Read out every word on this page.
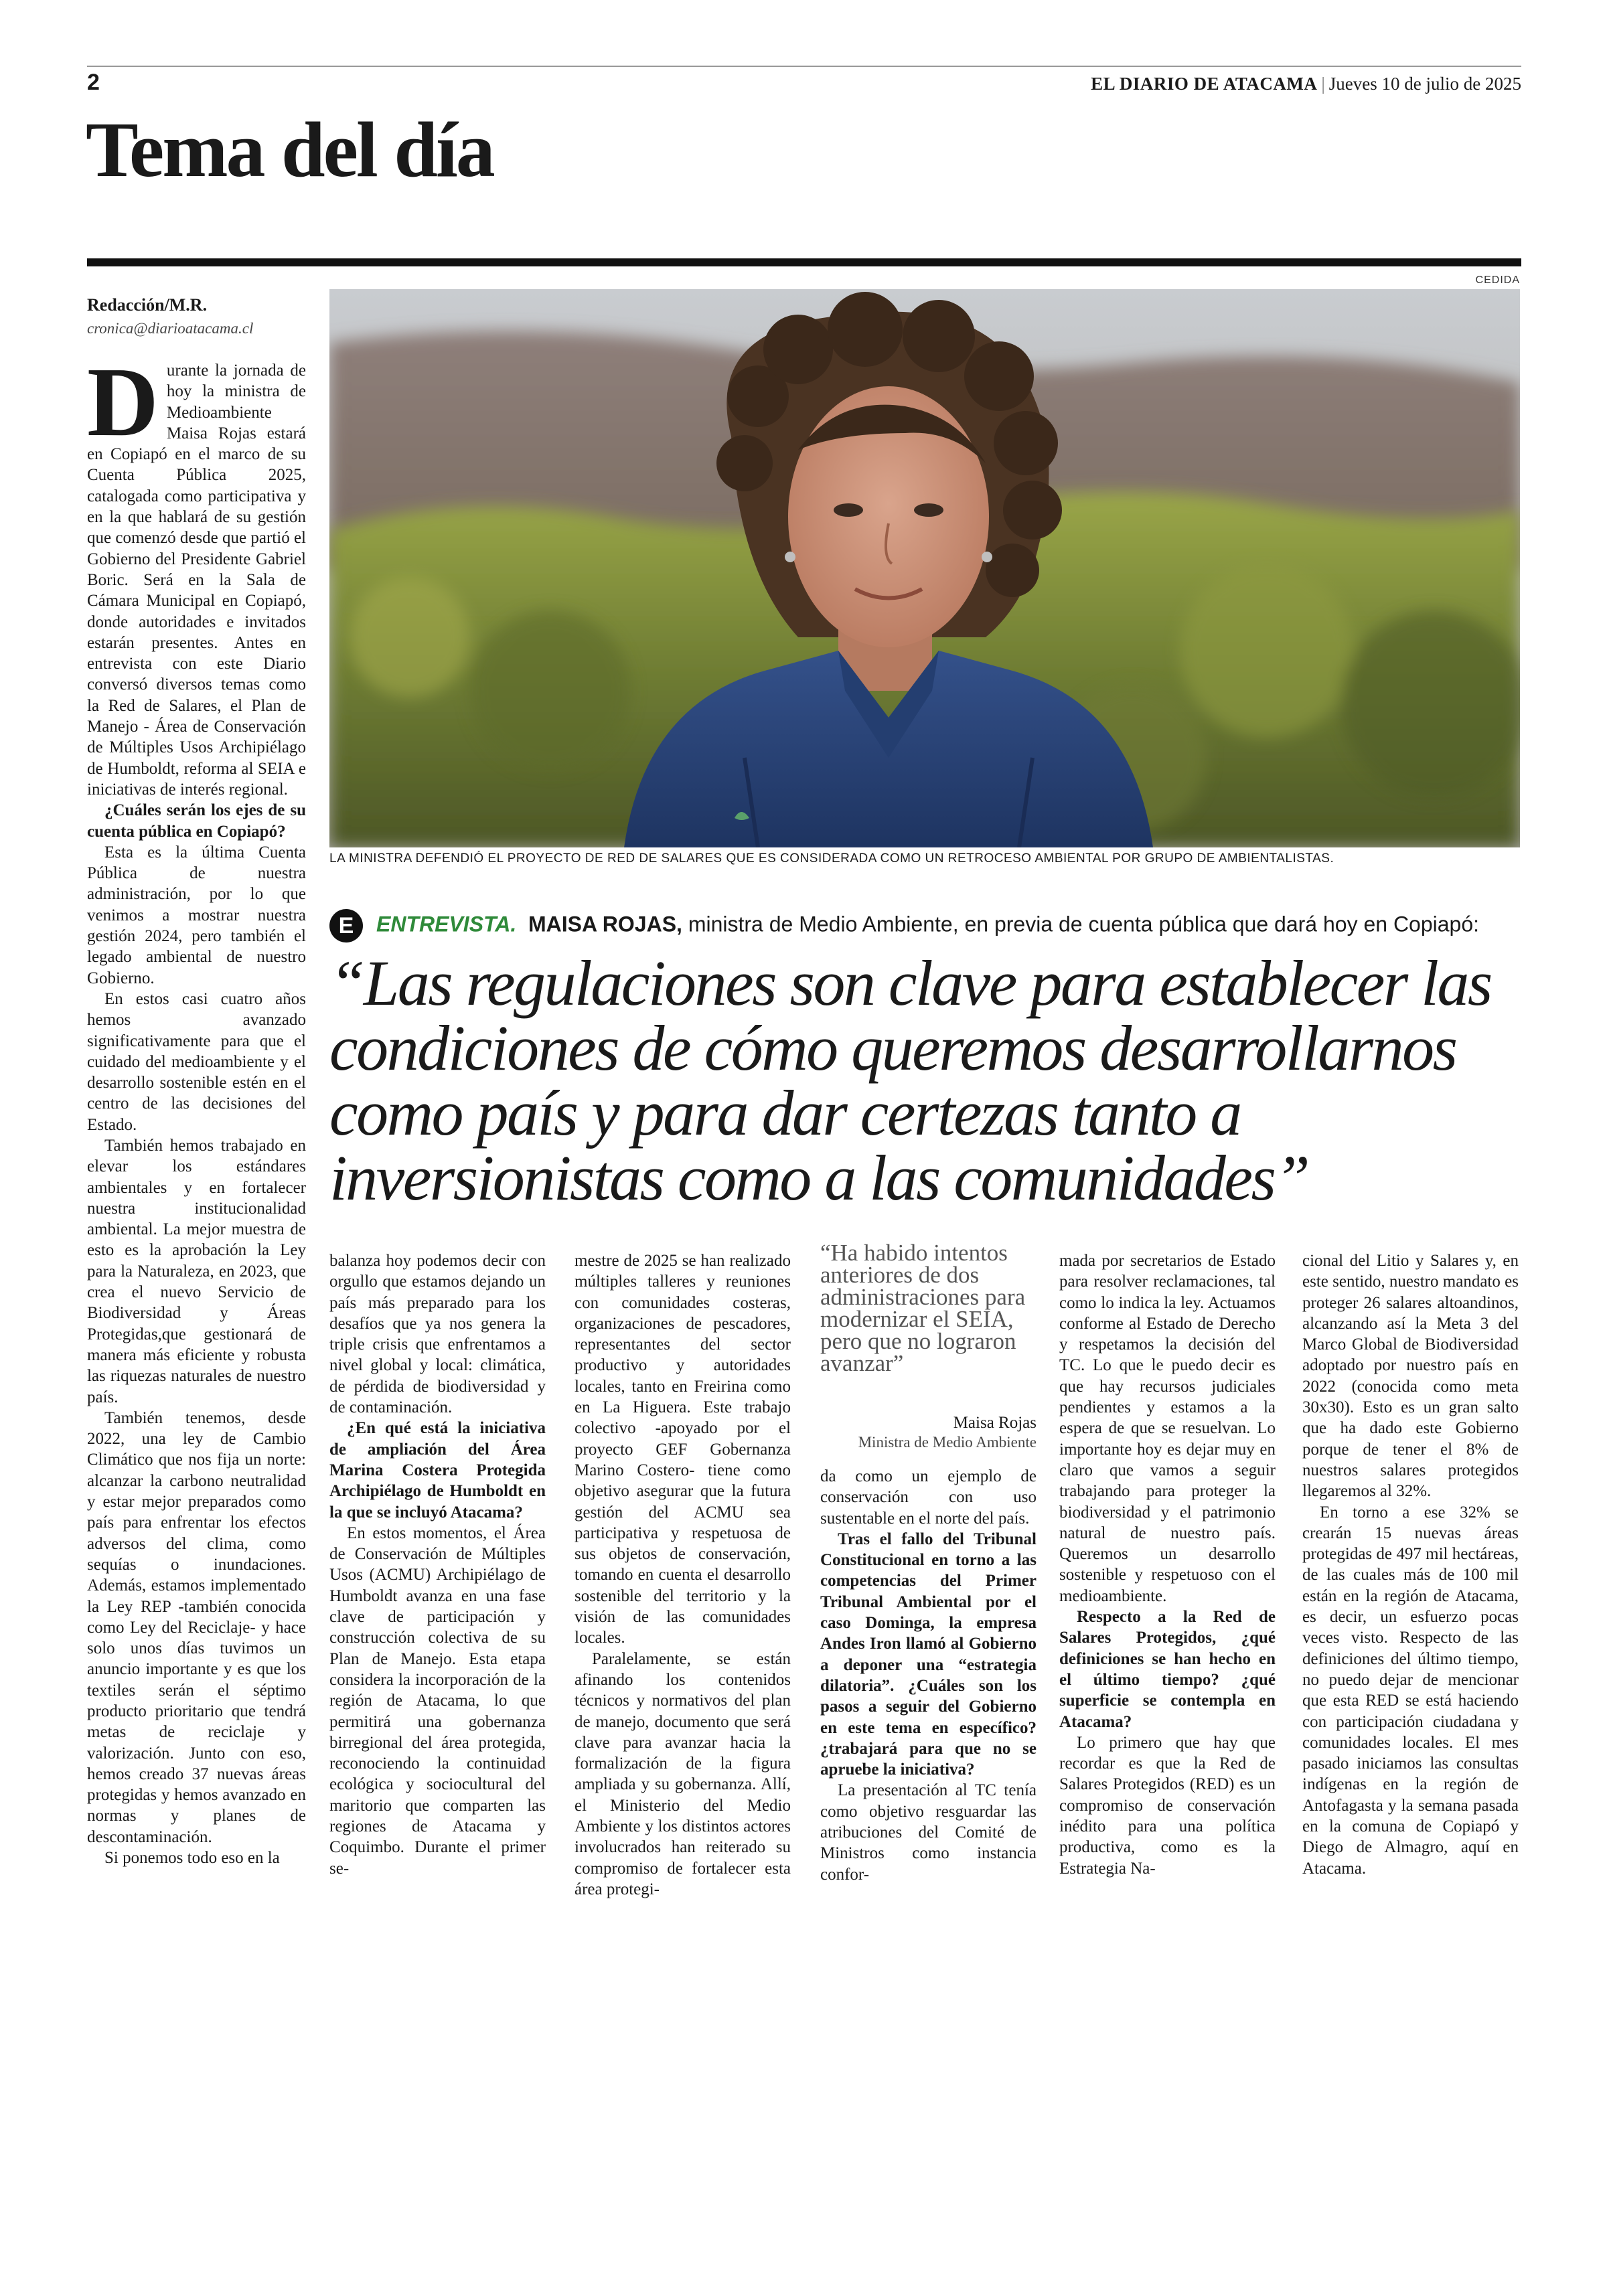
2	EL DIARIO DE ATACAMA | Jueves 10 de julio de 2025
Tema del día
CEDIDA
Redacción/M.R.
cronica@diarioatacama.cl
LA MINISTRA DEFENDIÓ EL PROYECTO DE RED DE SALARES QUE ES CONSIDERADA COMO UN RETROCESO AMBIENTAL POR GRUPO DE AMBIENTALISTAS.

Durante la jornada de hoy la ministra de Medioambiente Maisa Rojas estará en Copiapó en el marco de su Cuenta Pública 2025, catalogada como participativa y en la que hablará de su gestión que comenzó desde que partió el Gobierno del Presidente Gabriel Boric. Será en la Sala de Cámara Municipal en Copiapó, donde autoridades e invitados estarán presentes. Antes en entrevista con este Diario conversó diversos temas como la Red de Salares, el Plan de Manejo - Área de Conservación de Múltiples Usos Archipiélago de Humboldt, reforma al SEIA e iniciativas de interés regional.

¿Cuáles serán los ejes de su cuenta pública en Copiapó?

Esta es la última Cuenta Pública de nuestra administración, por lo que venimos a mostrar nuestra gestión 2024, pero también el legado ambiental de nuestro Gobierno.

En estos casi cuatro años hemos avanzado significativamente para que el cuidado del medioambiente y el desarrollo sostenible estén en el centro de las decisiones del Estado.

También hemos trabajado en elevar los estándares ambientales y en fortalecer nuestra institucionalidad ambiental. La mejor muestra de esto es la aprobación la Ley para la Naturaleza, en 2023, que crea el nuevo Servicio de Biodiversidad y Áreas Protegidas,que gestionará de manera más eficiente y robusta las riquezas naturales de nuestro país.

También tenemos, desde 2022, una ley de Cambio Climático que nos fija un norte: alcanzar la carbono neutralidad y estar mejor preparados como país para enfrentar los efectos adversos del clima, como sequías o inundaciones. Además, estamos implementado la Ley REP -también conocida como Ley del Reciclaje- y hace solo unos días tuvimos un anuncio importante y es que los textiles serán el séptimo producto prioritario que tendrá metas de reciclaje y valorización. Junto con eso, hemos creado 37 nuevas áreas protegidas y hemos avanzado en normas y planes de descontaminación.

Si ponemos todo eso en la

E ENTREVISTA. MAISA ROJAS, ministra de Medio Ambiente, en previa de cuenta pública que dará hoy en Copiapó:
“Las regulaciones son clave para establecer las
condiciones de cómo queremos desarrollarnos
como país y para dar certezas tanto a
inversionistas como a las comunidades”

balanza hoy podemos decir con orgullo que estamos dejando un país más preparado para los desafíos que ya nos genera la triple crisis que enfrentamos a nivel global y local: climática, de pérdida de biodiversidad y de contaminación.

¿En qué está la iniciativa de ampliación del Área Marina Costera Protegida Archipiélago de Humboldt en la que se incluyó Atacama?

En estos momentos, el Área de Conservación de Múltiples Usos (ACMU) Archipiélago de Humboldt avanza en una fase clave de participación y construcción colectiva de su Plan de Manejo. Esta etapa considera la incorporación de la región de Atacama, lo que permitirá una gobernanza birregional del área protegida, reconociendo la continuidad ecológica y sociocultural del maritorio que comparten las regiones de Atacama y Coquimbo. Durante el primer se-

mestre de 2025 se han realizado múltiples talleres y reuniones con comunidades costeras, organizaciones de pescadores, representantes del sector productivo y autoridades locales, tanto en Freirina como en La Higuera. Este trabajo colectivo -apoyado por el proyecto GEF Gobernanza Marino Costero- tiene como objetivo asegurar que la futura gestión del ACMU sea participativa y respetuosa de sus objetos de conservación, tomando en cuenta el desarrollo sostenible del territorio y la visión de las comunidades locales.

Paralelamente, se están afinando los contenidos técnicos y normativos del plan de manejo, documento que será clave para avanzar hacia la formalización de la figura ampliada y su gobernanza. Allí, el Ministerio del Medio Ambiente y los distintos actores involucrados han reiterado su compromiso de fortalecer esta área protegi-

“Ha habido intentos anteriores de dos administraciones para modernizar el SEIA, pero que no lograron avanzar”
Maisa Rojas
Ministra de Medio Ambiente

da como un ejemplo de conservación con uso sustentable en el norte del país.

Tras el fallo del Tribunal Constitucional en torno a las competencias del Primer Tribunal Ambiental por el caso Dominga, la empresa Andes Iron llamó al Gobierno a deponer una “estrategia dilatoria”. ¿Cuáles son los pasos a seguir del Gobierno en este tema en específico? ¿trabajará para que no se apruebe la iniciativa?

La presentación al TC tenía como objetivo resguardar las atribuciones del Comité de Ministros como instancia confor-

mada por secretarios de Estado para resolver reclamaciones, tal como lo indica la ley. Actuamos conforme al Estado de Derecho y respetamos la decisión del TC. Lo que le puedo decir es que hay recursos judiciales pendientes y estamos a la espera de que se resuelvan. Lo importante hoy es dejar muy en claro que vamos a seguir trabajando para proteger la biodiversidad y el patrimonio natural de nuestro país. Queremos un desarrollo sostenible y respetuoso con el medioambiente.

Respecto a la Red de Salares Protegidos, ¿qué definiciones se han hecho en el último tiempo? ¿qué superficie se contempla en Atacama?

Lo primero que hay que recordar es que la Red de Salares Protegidos (RED) es un compromiso de conservación inédito para una política productiva, como es la Estrategia Na-

cional del Litio y Salares y, en este sentido, nuestro mandato es proteger 26 salares altoandinos, alcanzando así la Meta 3 del Marco Global de Biodiversidad adoptado por nuestro país en 2022 (conocida como meta 30x30). Esto es un gran salto que ha dado este Gobierno porque de tener el 8% de nuestros salares protegidos llegaremos al 32%.

En torno a ese 32% se crearán 15 nuevas áreas protegidas de 497 mil hectáreas, de las cuales más de 100 mil están en la región de Atacama, es decir, un esfuerzo pocas veces visto. Respecto de las definiciones del último tiempo, no puedo dejar de mencionar que esta RED se está haciendo con participación ciudadana y comunidades locales. El mes pasado iniciamos las consultas indígenas en la región de Antofagasta y la semana pasada en la comuna de Copiapó y Diego de Almagro, aquí en Atacama.
